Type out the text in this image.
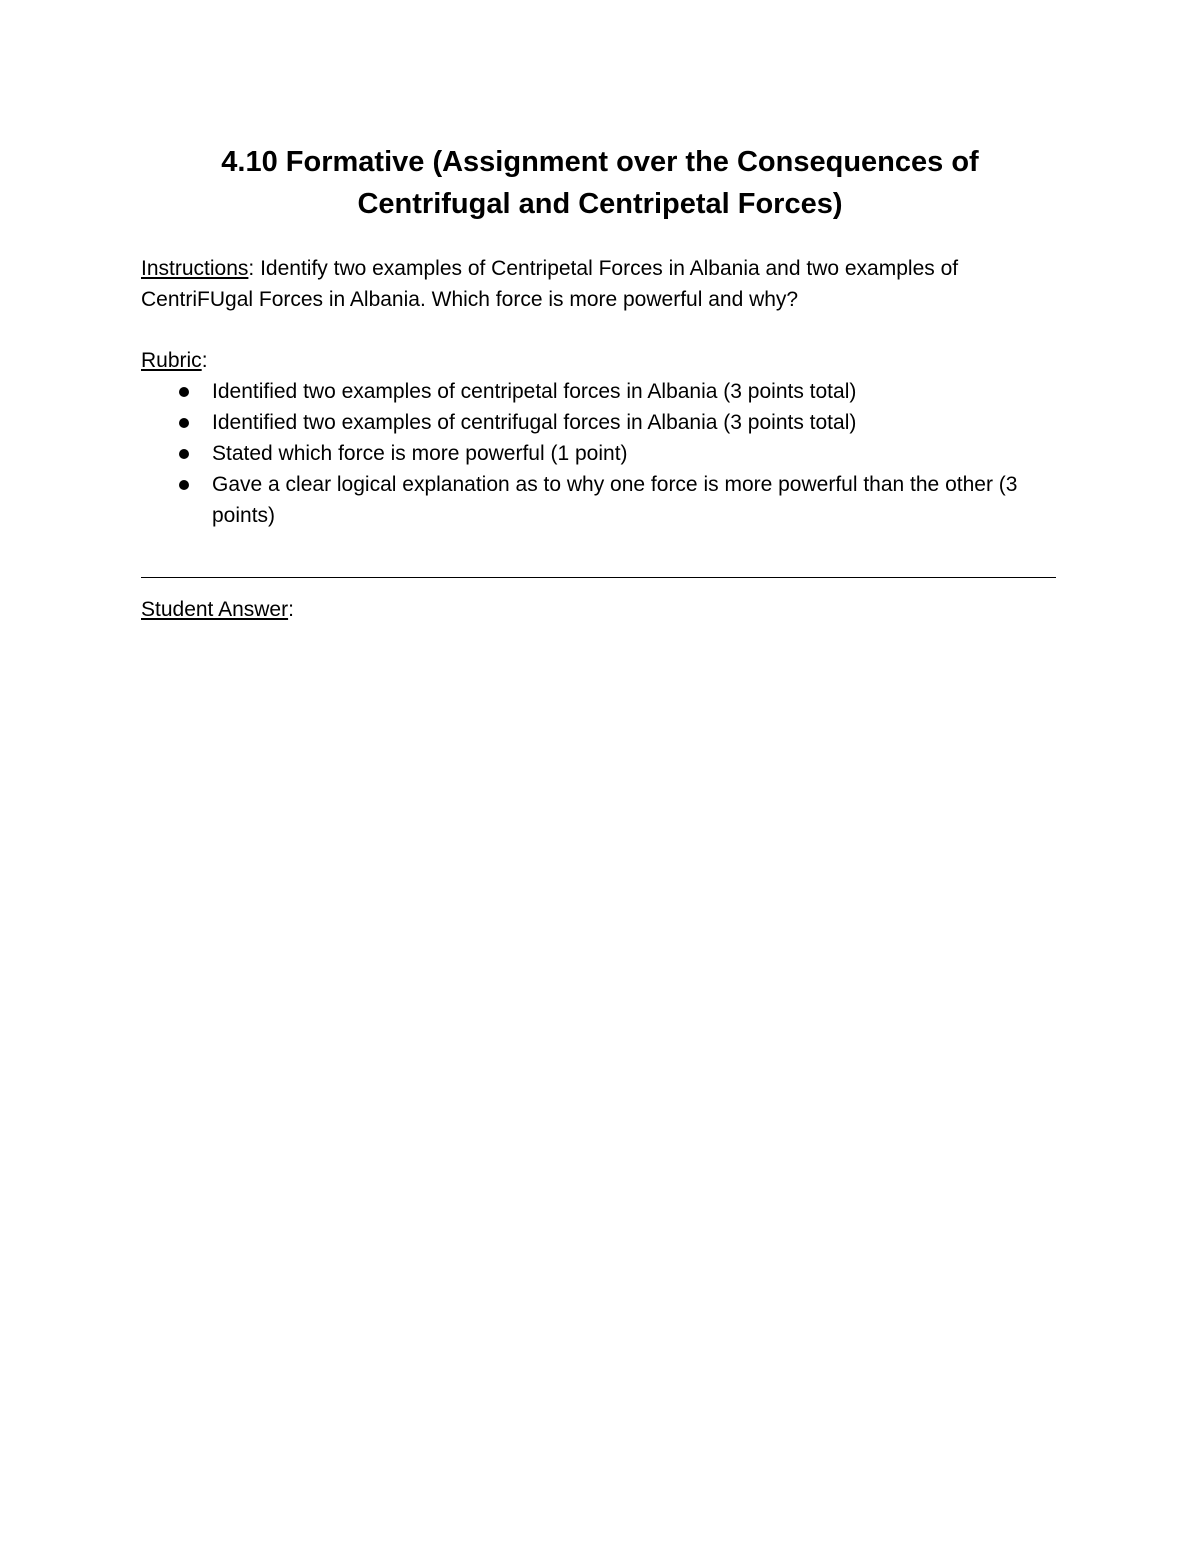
4.10 Formative (Assignment over the Consequences of
Centrifugal and Centripetal Forces)

Instructions: Identify two examples of Centripetal Forces in Albania and two examples of
CentriFUgal Forces in Albania. Which force is more powerful and why?

Rubric:

Identified two examples of centripetal forces in Albania (3 points total)
Identified two examples of centrifugal forces in Albania (3 points total)
Stated which force is more powerful (1 point)
Gave a clear logical explanation as to why one force is more powerful than the other (3 points)

Student Answer:
